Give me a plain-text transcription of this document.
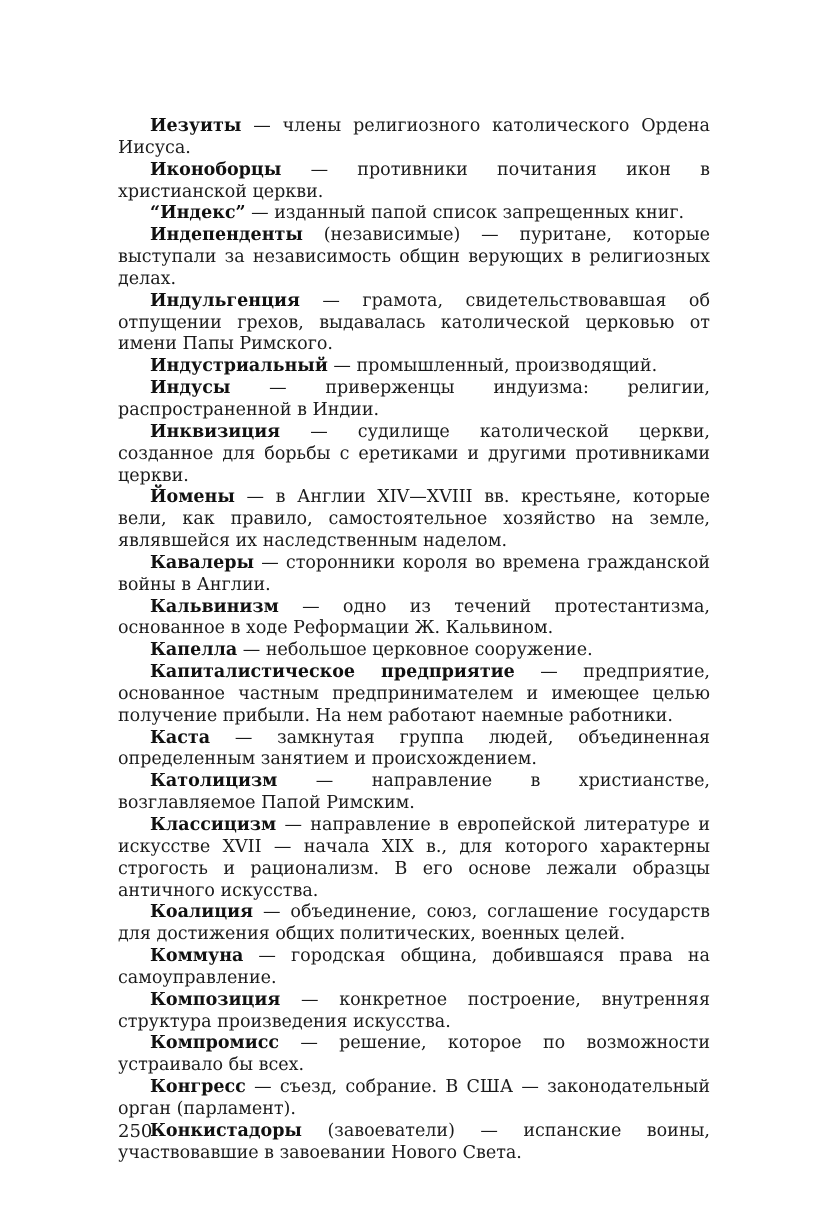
Иезуиты — члены религиозного католического Ордена Иисуса.

Иконоборцы — противники почитания икон в христианской церкви.

“Индекс” — изданный папой список запрещенных книг.

Индепенденты (независимые) — пуритане, которые выступали за независимость общин верующих в религиозных делах.

Индульгенция — грамота, свидетельствовавшая об отпущении грехов, выдавалась католической церковью от имени Папы Римского.

Индустриальный — промышленный, производящий.

Индусы — приверженцы индуизма: религии, распространенной в Индии.

Инквизиция — судилище католической церкви, созданное для борьбы с еретиками и другими противниками церкви.

Йомены — в Англии XIV—XVIII вв. крестьяне, которые вели, как правило, самостоятельное хозяйство на земле, являвшейся их наследственным наделом.

Кавалеры — сторонники короля во времена гражданской войны в Англии.

Кальвинизм — одно из течений протестантизма, основанное в ходе Реформации Ж. Кальвином.

Капелла — небольшое церковное сооружение.

Капиталистическое предприятие — предприятие, основанное частным предпринимателем и имеющее целью получение прибыли. На нем работают наемные работники.

Каста — замкнутая группа людей, объединенная определенным занятием и происхождением.

Католицизм — направление в христианстве, возглавляемое Папой Римским.

Классицизм — направление в европейской литературе и искусстве XVII — начала XIX в., для которого характерны строгость и рационализм. В его основе лежали образцы античного искусства.

Коалиция — объединение, союз, соглашение государств для достижения общих политических, военных целей.

Коммуна — городская община, добившаяся права на самоуправление.

Композиция — конкретное построение, внутренняя структура произведения искусства.

Компромисс — решение, которое по возможности устраивало бы всех.

Конгресс — съезд, собрание. В США — законодательный орган (парламент).

Конкистадоры (завоеватели) — испанские воины, участвовавшие в завоевании Нового Света.

250
